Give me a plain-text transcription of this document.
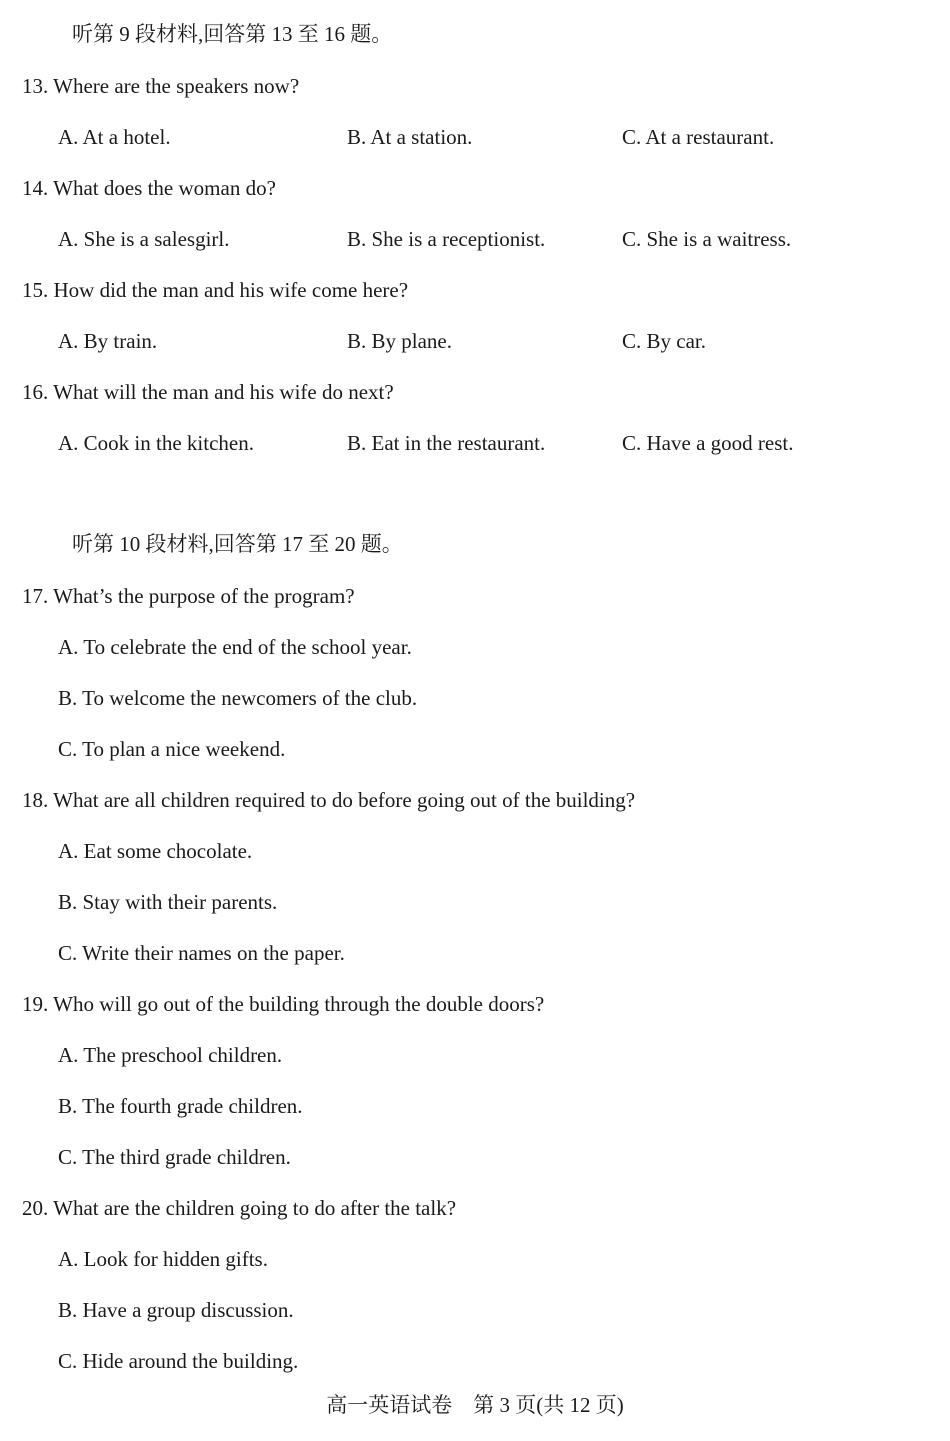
听第 9 段材料,回答第 13 至 16 题。
13. Where are the speakers now?
A. At a hotel.	B. At a station.	C. At a restaurant.
14. What does the woman do?
A. She is a salesgirl.	B. She is a receptionist.	C. She is a waitress.
15. How did the man and his wife come here?
A. By train.	B. By plane.	C. By car.
16. What will the man and his wife do next?
A. Cook in the kitchen.	B. Eat in the restaurant.	C. Have a good rest.
听第 10 段材料,回答第 17 至 20 题。
17. What’s the purpose of the program?
A. To celebrate the end of the school year.
B. To welcome the newcomers of the club.
C. To plan a nice weekend.
18. What are all children required to do before going out of the building?
A. Eat some chocolate.
B. Stay with their parents.
C. Write their names on the paper.
19. Who will go out of the building through the double doors?
A. The preschool children.
B. The fourth grade children.
C. The third grade children.
20. What are the children going to do after the talk?
A. Look for hidden gifts.
B. Have a group discussion.
C. Hide around the building.
高一英语试卷　第 3 页(共 12 页)
